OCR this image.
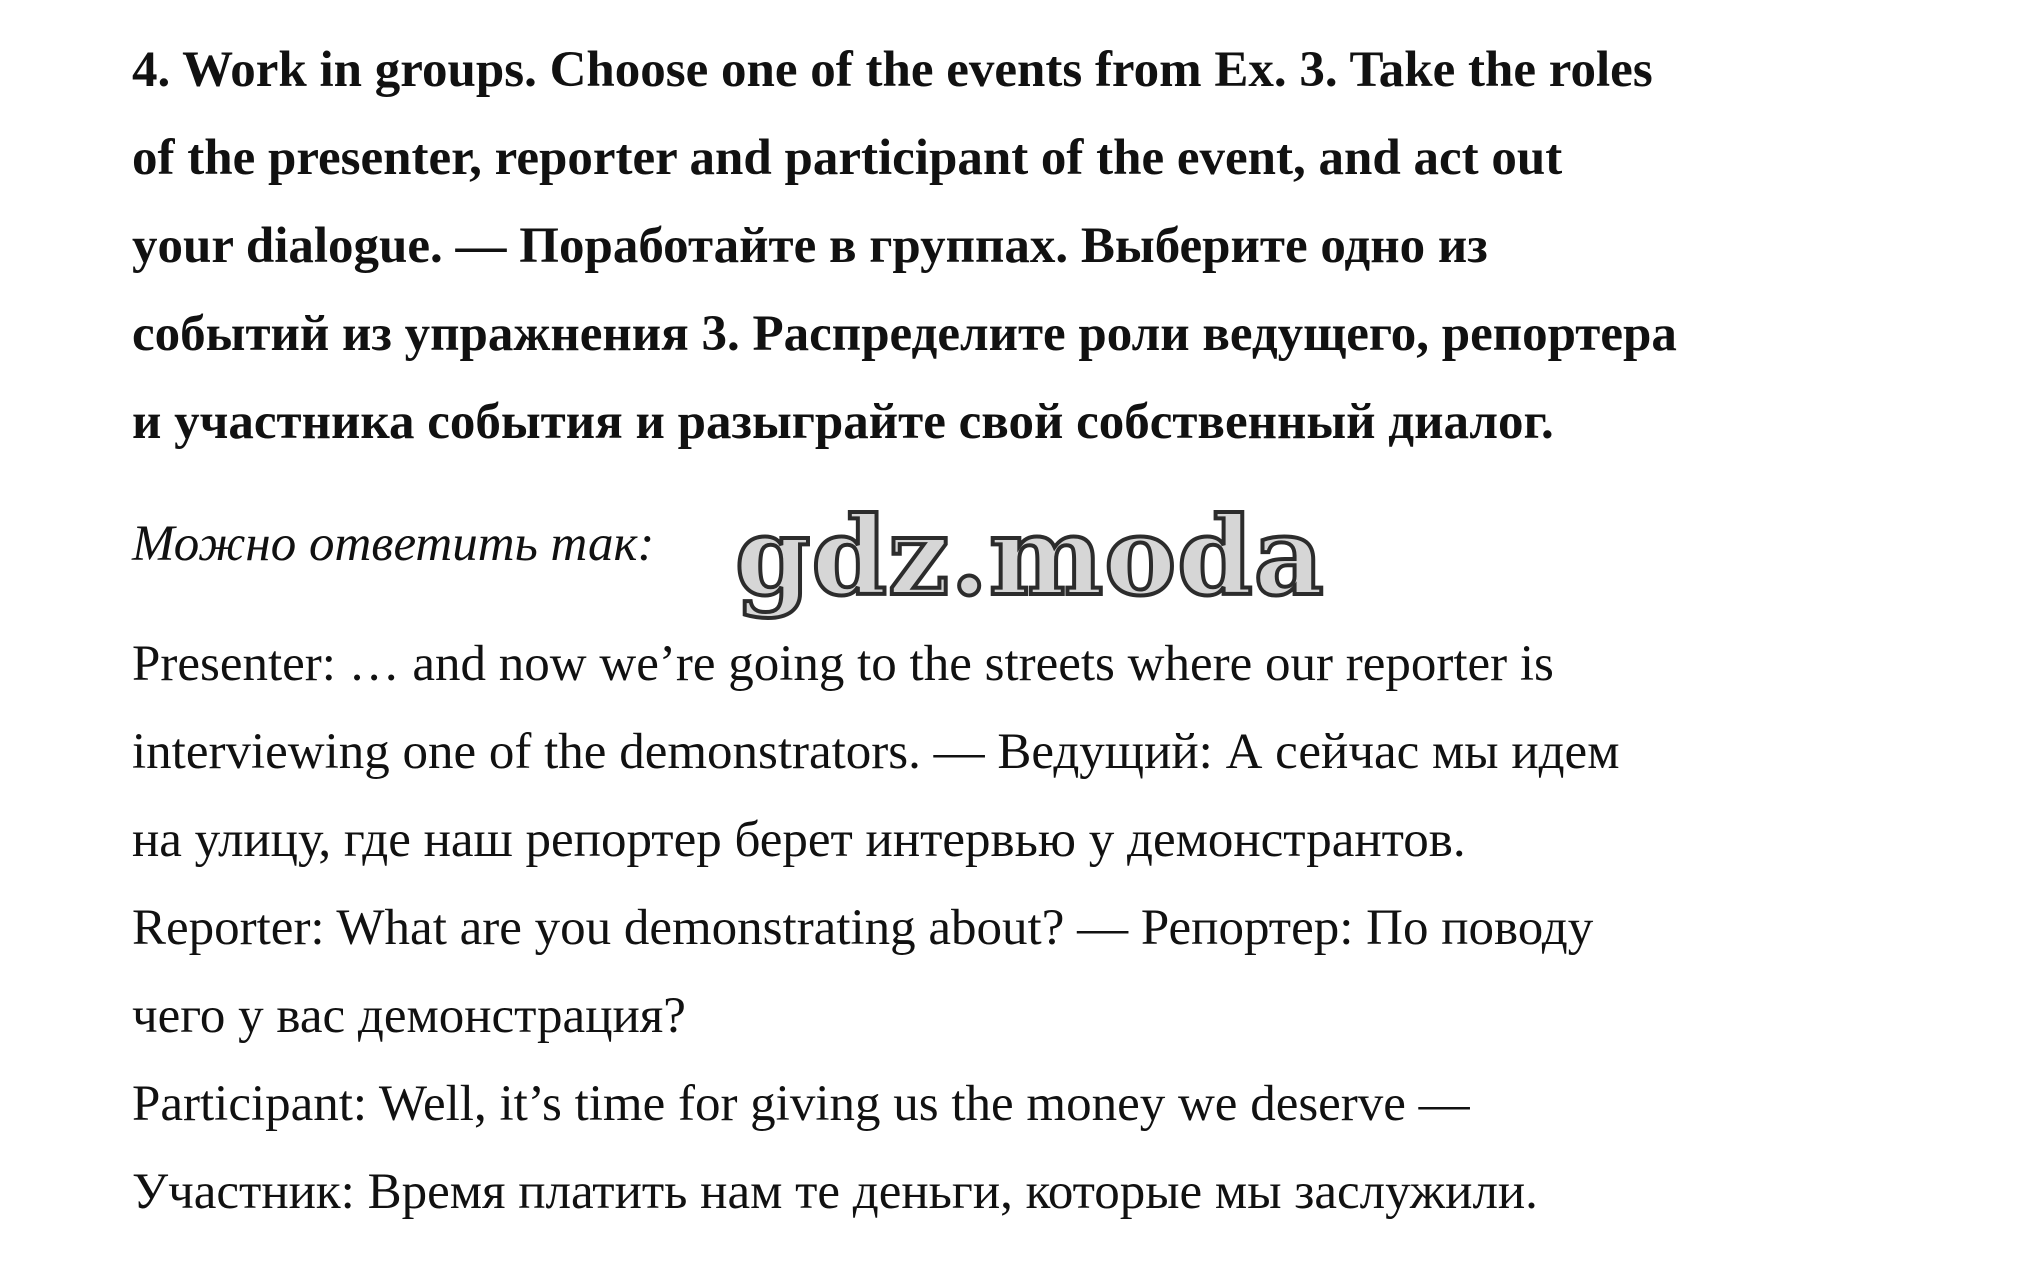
4. Work in groups. Choose one of the events from Ex. 3. Take the roles
of the presenter, reporter and participant of the event, and act out
your dialogue. — Поработайте в группах. Выберите одно из
событий из упражнения 3. Распределите роли ведущего, репортера
и участника события и разыграйте свой собственный диалог.

Можно ответить так: gdz.moda

Presenter: … and now we’re going to the streets where our reporter is
interviewing one of the demonstrators. — Ведущий: А сейчас мы идем
на улицу, где наш репортер берет интервью у демонстрантов.
Reporter: What are you demonstrating about? — Репортер: По поводу
чего у вас демонстрация?
Participant: Well, it’s time for giving us the money we deserve —
Участник: Время платить нам те деньги, которые мы заслужили.
